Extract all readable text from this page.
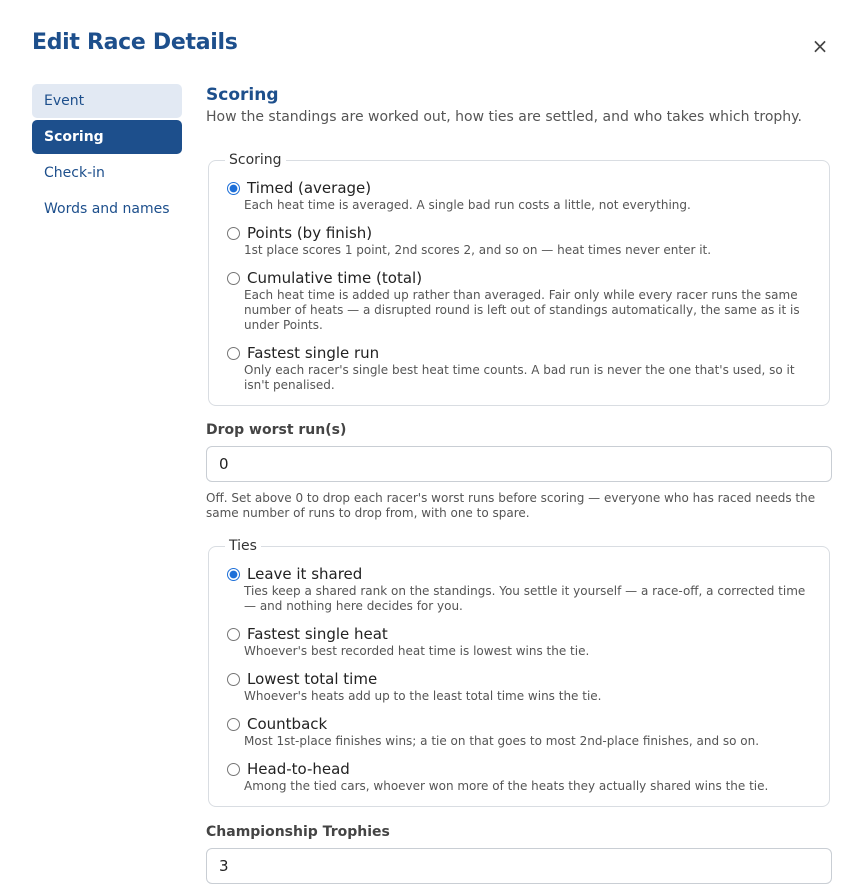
Edit Race Details	×
Event
Scoring
Check-in
Words and names
Scoring

How the standings are worked out, how ties are settled, and who takes which trophy.

Scoring
Timed (average)
Each heat time is averaged. A single bad run costs a little, not everything.
Points (by finish)
1st place scores 1 point, 2nd scores 2, and so on — heat times never enter it.
Cumulative time (total)
Each heat time is added up rather than averaged. Fair only while every racer runs the same number of heats — a disrupted round is left out of standings automatically, the same as it is under Points.
Fastest single run
Only each racer's single best heat time counts. A bad run is never the one that's used, so it isn't penalised.
Drop worst run(s)
0

Off. Set above 0 to drop each racer's worst runs before scoring — everyone who has raced needs the same number of runs to drop from, with one to spare.

Ties
Leave it shared
Ties keep a shared rank on the standings. You settle it yourself — a race-off, a corrected time — and nothing here decides for you.
Fastest single heat
Whoever's best recorded heat time is lowest wins the tie.
Lowest total time
Whoever's heats add up to the least total time wins the tie.
Countback
Most 1st-place finishes wins; a tie on that goes to most 2nd-place finishes, and so on.
Head-to-head
Among the tied cars, whoever won more of the heats they actually shared wins the tie.
Championship Trophies
3
